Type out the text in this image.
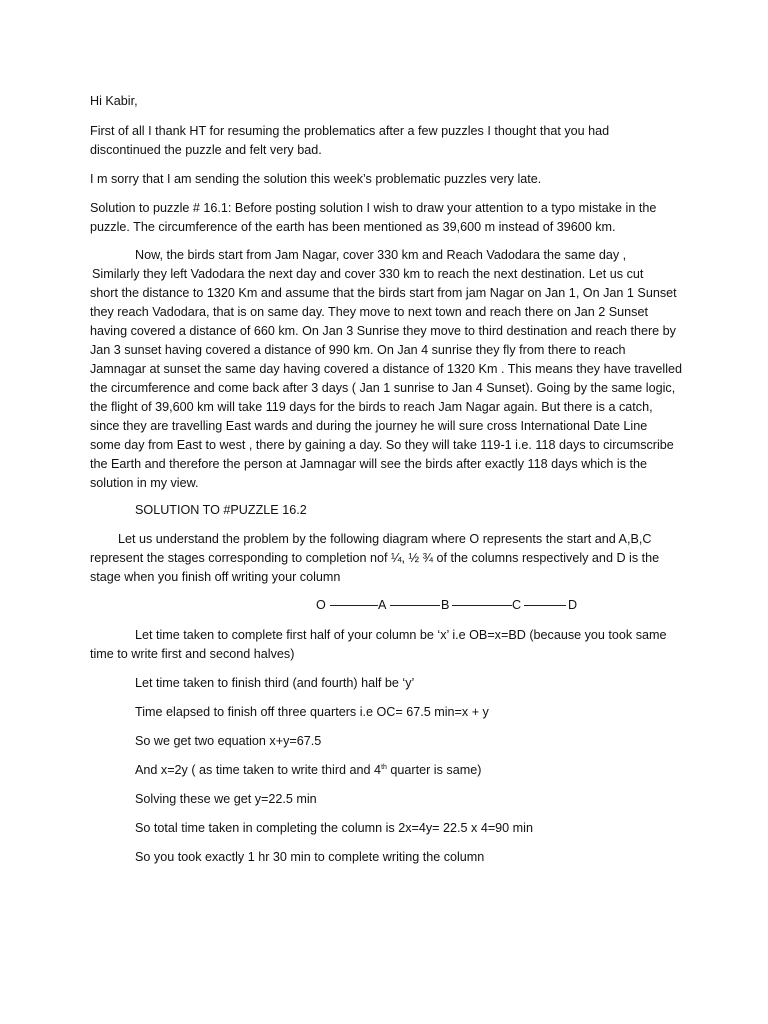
Hi Kabir,
First of all I thank HT for resuming the problematics after a few puzzles I thought that you had
discontinued the puzzle and felt very bad.
I m sorry that I am sending the solution this week’s problematic puzzles very late.
Solution to puzzle # 16.1: Before posting solution I wish to draw your attention to a typo mistake in the
puzzle. The circumference of the earth has been mentioned as 39,600 m instead of 39600 km.
Now, the birds start from Jam Nagar, cover 330 km and Reach Vadodara the same day ,
Similarly they left Vadodara the next day and cover 330 km to reach the next destination. Let us cut
short the distance to 1320 Km and assume that the birds start from jam Nagar on Jan 1, On Jan 1 Sunset
they reach Vadodara, that is on same day. They move to next town and reach there on Jan 2 Sunset
having covered a distance of 660 km. On Jan 3 Sunrise they move to third destination and reach there by
Jan 3 sunset having covered a distance of 990 km. On Jan 4 sunrise they fly from there to reach
Jamnagar at sunset the same day having covered a distance of 1320 Km . This means they have travelled
the circumference and come back after 3 days ( Jan 1 sunrise to Jan 4 Sunset). Going by the same logic,
the flight of 39,600 km will take 119 days for the birds to reach Jam Nagar again. But there is a catch,
since they are travelling East wards and during the journey he will sure cross International Date Line
some day from East to west , there by gaining a day. So they will take 119-1 i.e. 118 days to circumscribe
the Earth and therefore the person at Jamnagar will see the birds after exactly 118 days which is the
solution in my view.
SOLUTION TO #PUZZLE 16.2
Let us understand the problem by the following diagram where O represents the start and A,B,C
represent the stages corresponding to completion nof ¼, ½ ¾ of the columns respectively and D is the
stage when you finish off writing your column
O	A	B	C	D
Let time taken to complete first half of your column be ‘x’ i.e OB=x=BD (because you took same
time to write first and second halves)
Let time taken to finish third (and fourth) half be ‘y’
Time elapsed to finish off three quarters i.e OC= 67.5 min=x + y
So we get two equation x+y=67.5
And x=2y ( as time taken to write third and 4th quarter is same)
Solving these we get y=22.5 min
So total time taken in completing the column is 2x=4y= 22.5 x 4=90 min
So you took exactly 1 hr 30 min to complete writing the column
